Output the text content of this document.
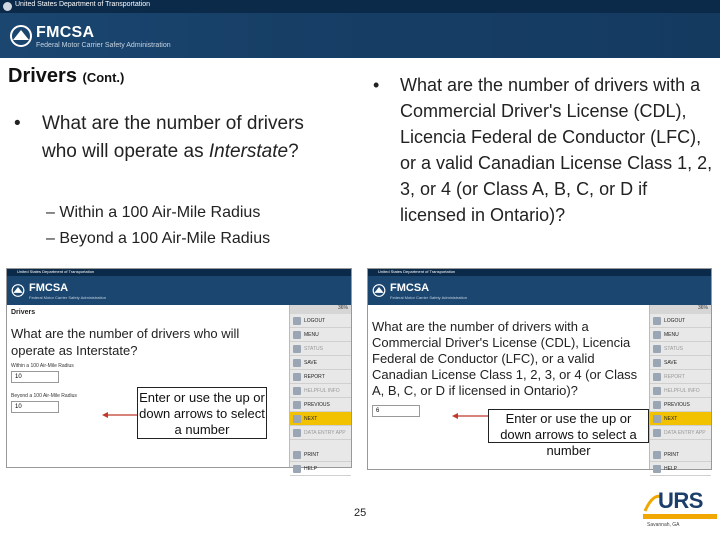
United States Department of Transportation
FMCSA
Federal Motor Carrier Safety Administration
Drivers (Cont.)
•	What are the number of drivers who will operate as Interstate?
– Within a 100 Air-Mile Radius
– Beyond a 100 Air-Mile Radius
•	What are the number of drivers with a Commercial Driver's License (CDL), Licencia Federal de Conductor (LFC), or a valid Canadian License Class 1, 2, 3, or 4 (or Class A, B, C, or D if licensed in Ontario)?
United States Department of Transportation
FMCSA
Federal Motor Carrier Safety Administration
Drivers
What are the number of drivers who will operate as Interstate?
Within a 100 Air-Mile Radius
10
Beyond a 100 Air-Mile Radius
10
Enter or use the up or down arrows to select a number
36%
LOGOUT
MENU
STATUS
SAVE
REPORT
HELPFUL INFO
PREVIOUS
NEXT
DATA ENTRY APP
PRINT
HELP
United States Department of Transportation
FMCSA
Federal Motor Carrier Safety Administration
What are the number of drivers with a Commercial Driver's License (CDL), Licencia Federal de Conductor (LFC), or a valid Canadian License Class 1, 2, 3, or 4 (or Class A, B, C, or D if licensed in Ontario)?
6	Enter or use the up or down arrows to select a number
36%
LOGOUT
MENU
STATUS
SAVE
REPORT
HELPFUL INFO
PREVIOUS
NEXT
DATA ENTRY APP
PRINT
HELP
25	URS
Savannah, GA
